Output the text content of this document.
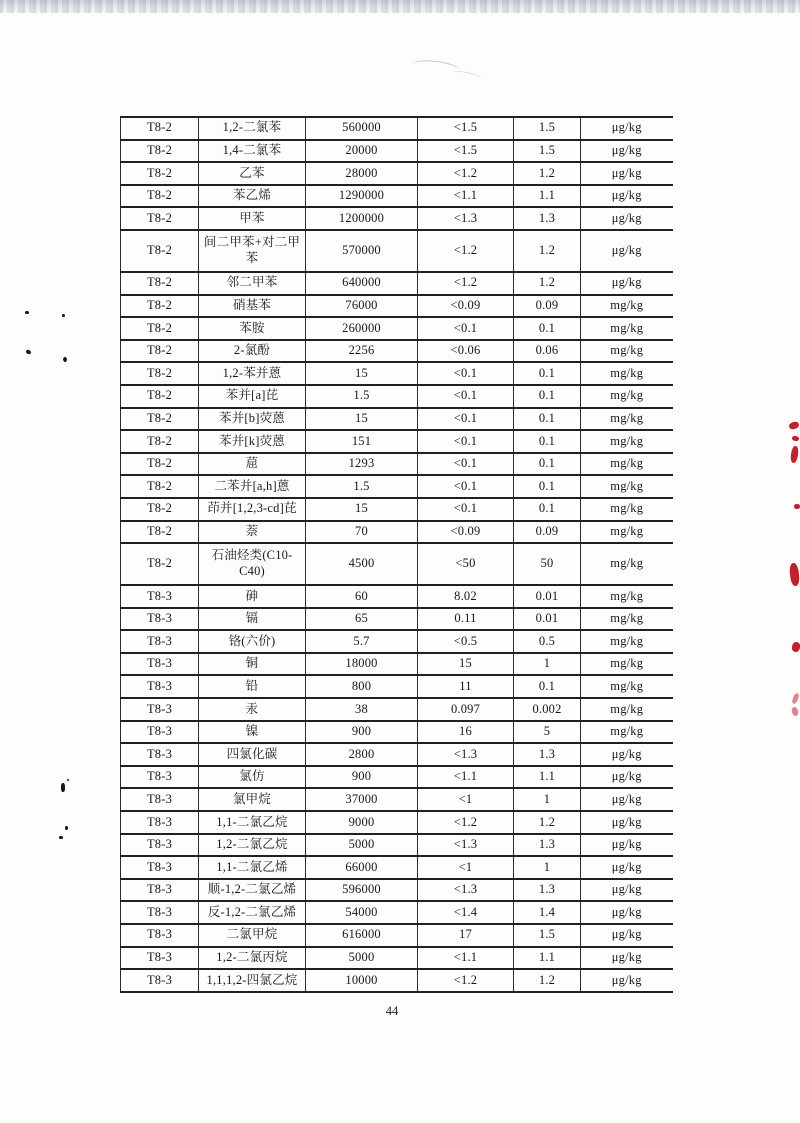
T8-2	1,2-二氯苯	560000	<1.5	1.5	μg/kg
T8-2	1,4-二氯苯	20000	<1.5	1.5	μg/kg
T8-2	乙苯	28000	<1.2	1.2	μg/kg
T8-2	苯乙烯	1290000	<1.1	1.1	μg/kg
T8-2	甲苯	1200000	<1.3	1.3	μg/kg
T8-2	间二甲苯+对二甲苯	570000	<1.2	1.2	μg/kg
T8-2	邻二甲苯	640000	<1.2	1.2	μg/kg
T8-2	硝基苯	76000	<0.09	0.09	mg/kg
T8-2	苯胺	260000	<0.1	0.1	mg/kg
T8-2	2-氯酚	2256	<0.06	0.06	mg/kg
T8-2	1,2-苯并蒽	15	<0.1	0.1	mg/kg
T8-2	苯并[a]芘	1.5	<0.1	0.1	mg/kg
T8-2	苯并[b]荧蒽	15	<0.1	0.1	mg/kg
T8-2	苯并[k]荧蒽	151	<0.1	0.1	mg/kg
T8-2	䓛	1293	<0.1	0.1	mg/kg
T8-2	二苯并[a,h]蒽	1.5	<0.1	0.1	mg/kg
T8-2	茚并[1,2,3-cd]芘	15	<0.1	0.1	mg/kg
T8-2	萘	70	<0.09	0.09	mg/kg
T8-2	石油烃类(C10-C40)	4500	<50	50	mg/kg
T8-3	砷	60	8.02	0.01	mg/kg
T8-3	镉	65	0.11	0.01	mg/kg
T8-3	铬(六价)	5.7	<0.5	0.5	mg/kg
T8-3	铜	18000	15	1	mg/kg
T8-3	铅	800	11	0.1	mg/kg
T8-3	汞	38	0.097	0.002	mg/kg
T8-3	镍	900	16	5	mg/kg
T8-3	四氯化碳	2800	<1.3	1.3	μg/kg
T8-3	氯仿	900	<1.1	1.1	μg/kg
T8-3	氯甲烷	37000	<1	1	μg/kg
T8-3	1,1-二氯乙烷	9000	<1.2	1.2	μg/kg
T8-3	1,2-二氯乙烷	5000	<1.3	1.3	μg/kg
T8-3	1,1-二氯乙烯	66000	<1	1	μg/kg
T8-3	顺-1,2-二氯乙烯	596000	<1.3	1.3	μg/kg
T8-3	反-1,2-二氯乙烯	54000	<1.4	1.4	μg/kg
T8-3	二氯甲烷	616000	17	1.5	μg/kg
T8-3	1,2-二氯丙烷	5000	<1.1	1.1	μg/kg
T8-3	1,1,1,2-四氯乙烷	10000	<1.2	1.2	μg/kg
44
